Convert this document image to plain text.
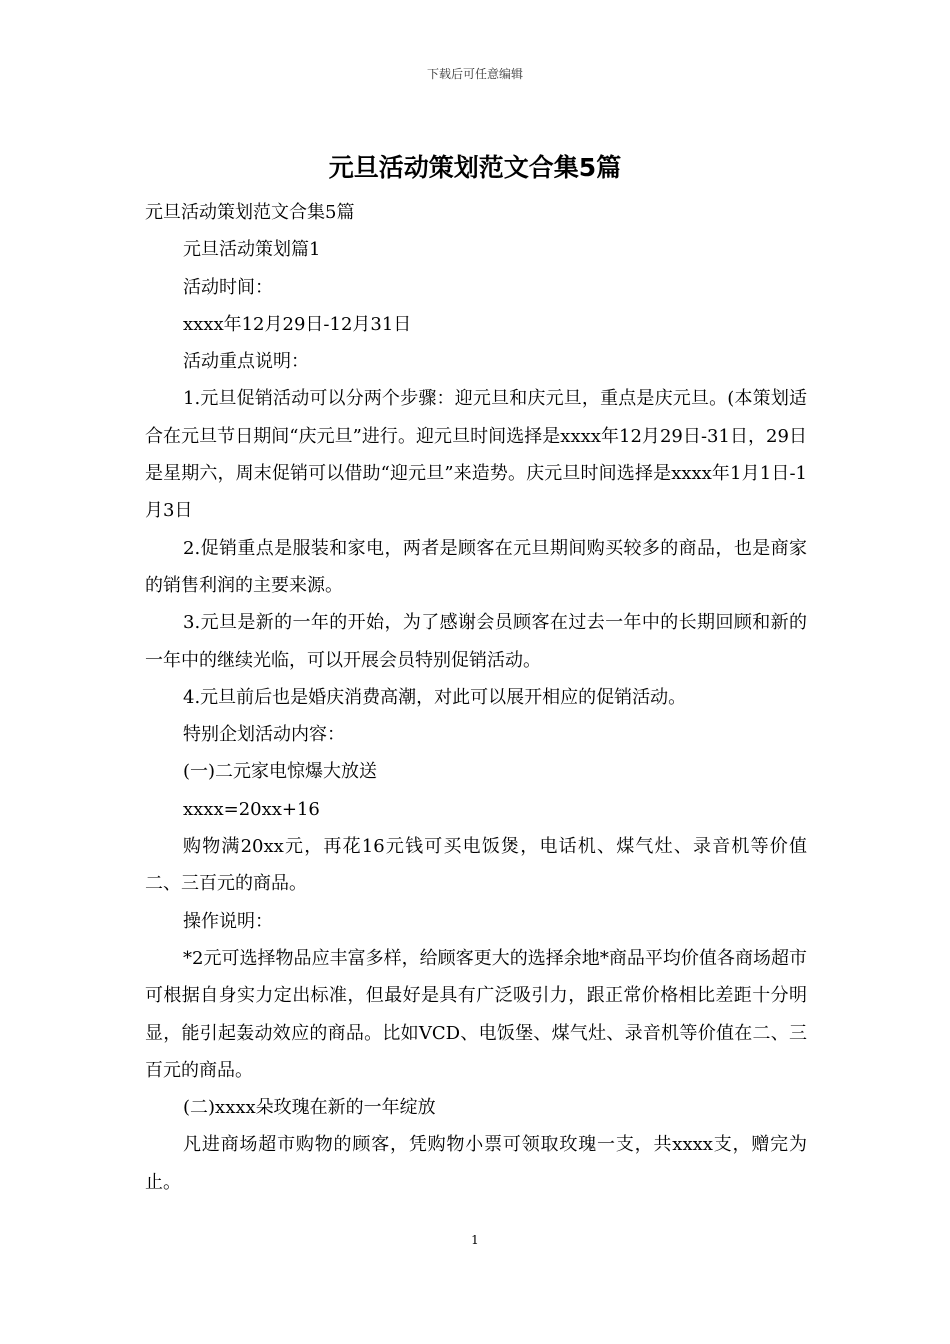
下载后可任意编辑
元旦活动策划范文合集5篇

元旦活动策划范文合集5篇

元旦活动策划篇1

活动时间：

xxxx年12月29日-12月31日

活动重点说明：

1.元旦促销活动可以分两个步骤：迎元旦和庆元旦，重点是庆元旦。(本策划适合在元旦节日期间“庆元旦”进行。迎元旦时间选择是xxxx年12月29日-31日，29日是星期六，周末促销可以借助“迎元旦”来造势。庆元旦时间选择是xxxx年1月1日-1月3日

2.促销重点是服装和家电，两者是顾客在元旦期间购买较多的商品，也是商家的销售利润的主要来源。

3.元旦是新的一年的开始，为了感谢会员顾客在过去一年中的长期回顾和新的一年中的继续光临，可以开展会员特别促销活动。

4.元旦前后也是婚庆消费高潮，对此可以展开相应的促销活动。

特别企划活动内容：

(一)二元家电惊爆大放送

xxxx=20xx+16

购物满20xx元，再花16元钱可买电饭煲，电话机、煤气灶、录音机等价值二、三百元的商品。

操作说明：

*2元可选择物品应丰富多样，给顾客更大的选择余地*商品平均价值各商场超市可根据自身实力定出标准，但最好是具有广泛吸引力，跟正常价格相比差距十分明显，能引起轰动效应的商品。比如VCD、电饭堡、煤气灶、录音机等价值在二、三百元的商品。

(二)xxxx朵玫瑰在新的一年绽放

凡进商场超市购物的顾客，凭购物小票可领取玫瑰一支，共xxxx支，赠完为止。

1
